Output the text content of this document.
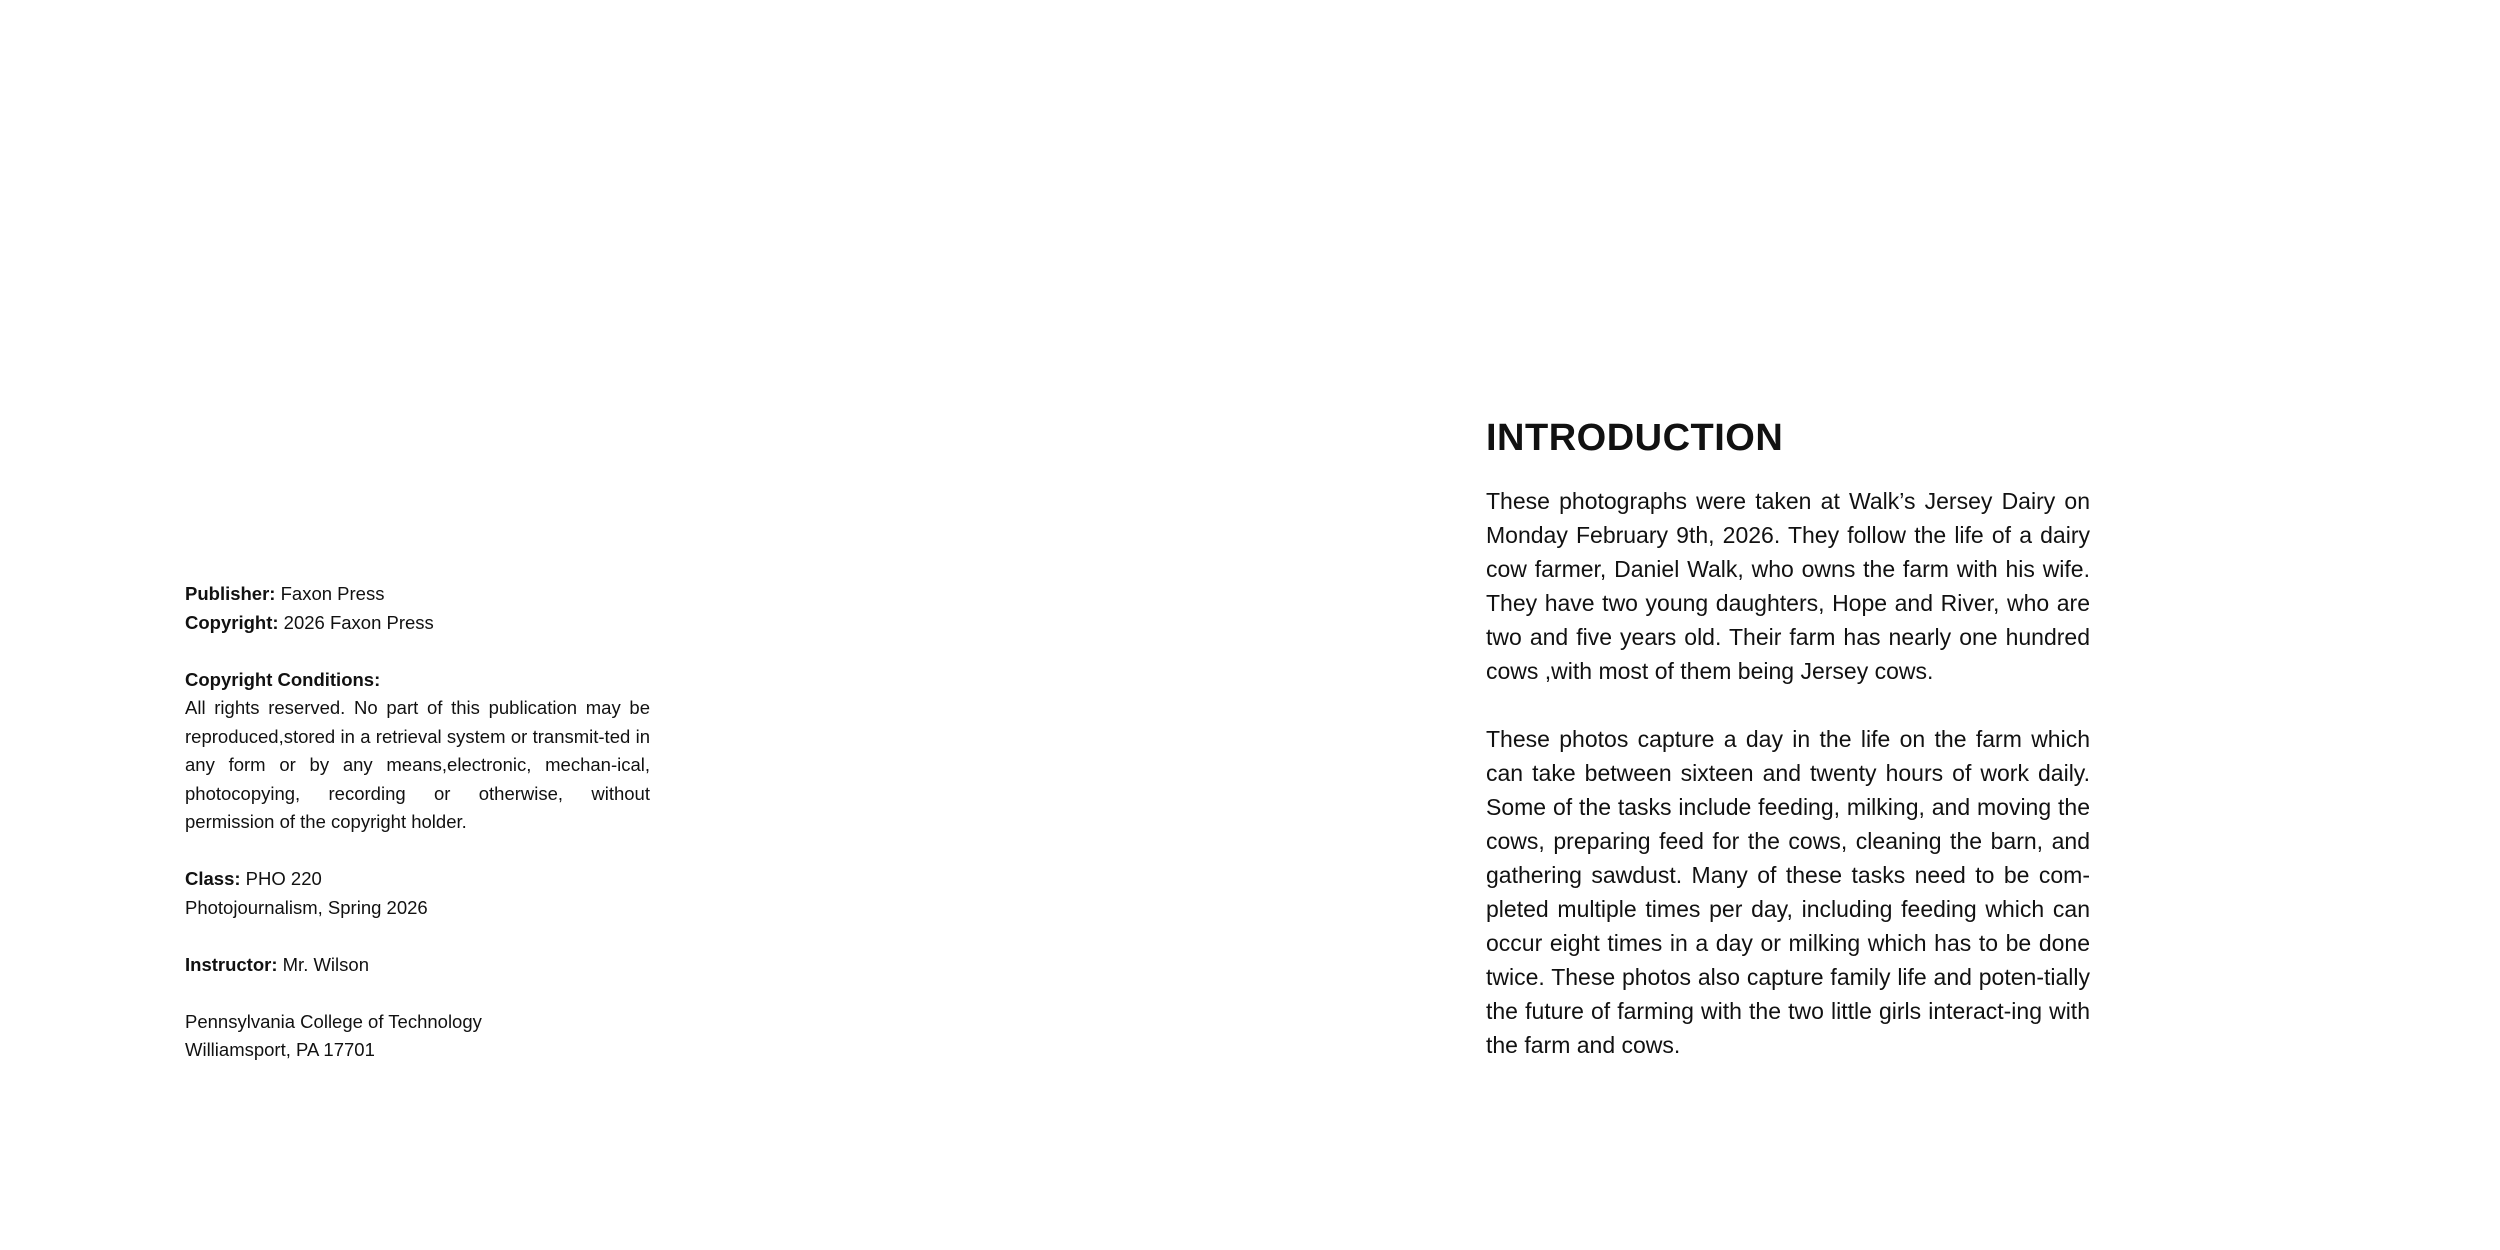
Publisher: Faxon Press

Copyright: 2026 Faxon Press

Copyright Conditions:

All rights reserved. No part of this publication may be reproduced,stored in a retrieval system or transmit-ted in any form or by any means,electronic, mechan-ical, photocopying, recording or otherwise, without permission of the copyright holder.

Class: PHO 220

Photojournalism, Spring 2026

Instructor: Mr. Wilson

Pennsylvania College of Technology

Williamsport, PA 17701

INTRODUCTION

These photographs were taken at Walk’s Jersey Dairy on Monday February 9th, 2026. They follow the life of a dairy cow farmer, Daniel Walk, who owns the farm with his wife. They have two young daughters, Hope and River, who are two and five years old. Their farm has nearly one hundred cows ,with most of them being Jersey cows.

These photos capture a day in the life on the farm which can take between sixteen and twenty hours of work daily. Some of the tasks include feeding, milking, and moving the cows, preparing feed for the cows, cleaning the barn, and gathering sawdust. Many of these tasks need to be com-pleted multiple times per day, including feeding which can occur eight times in a day or milking which has to be done twice. These photos also capture family life and poten-tially the future of farming with the two little girls interact-ing with the farm and cows.
